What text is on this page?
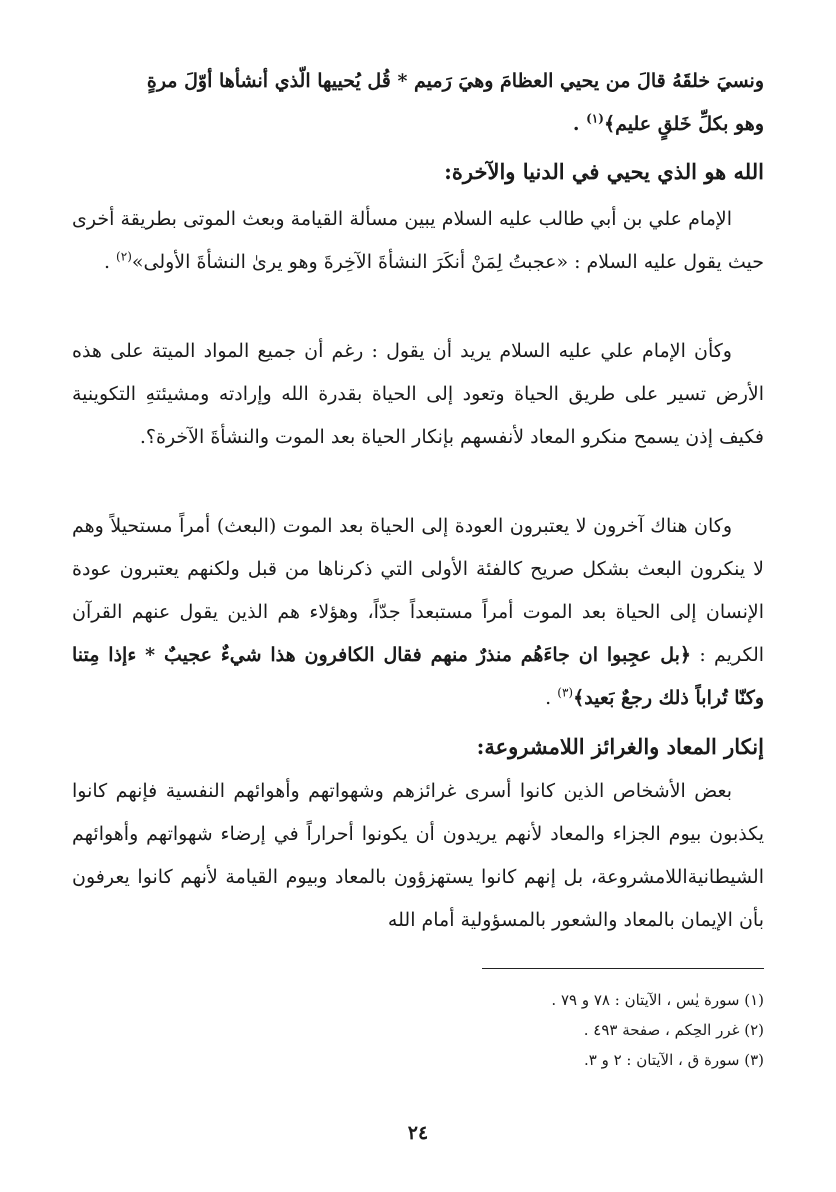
ونسيَ خلقَهُ قالَ من يحيي العظامَ وهيَ رَميم * قُل يُحييها الّذي أنشأها أوّلَ مرةٍ
وهو بكلِّ خَلقٍ عليم﴾$^{(١)}$ .
الله هو الذي يحيي في الدنيا والآخرة:

الإمام علي بن أبي طالب عليه السلام يبين مسألة القيامة وبعث الموتى بطريقة أخرى حيث يقول عليه السلام : «عجبتُ لِمَنْ أنكَرَ النشأةَ الآخِرةَ وهو يرىٰ النشأةَ الأولى»$^{(٢)}$ .

وكأن الإمام علي عليه السلام يريد أن يقول : رغم أن جميع المواد الميتة على هذه الأرض تسير على طريق الحياة وتعود إلى الحياة بقدرة الله وإرادته ومشيئتهِ التكوينية فكيف إذن يسمح منكرو المعاد لأنفسهم بإنكار الحياة بعد الموت والنشأةَ الآخرة؟.

وكان هناك آخرون لا يعتبرون العودة إلى الحياة بعد الموت (البعث) أمراً مستحيلاً وهم لا ينكرون البعث بشكل صريح كالفئة الأولى التي ذكرناها من قبل ولكنهم يعتبرون عودة الإنسان إلى الحياة بعد الموت أمراً مستبعداً جدّاً، وهؤلاء هم الذين يقول عنهم القرآن الكريم : ﴿بل عجِبوا ان جاءَهُم منذرٌ منهم فقال الكافرون هذا شيءٌ عجيبٌ * ءإذا مِتنا وكنّا تُراباً ذلك رجعٌ بَعيد﴾$^{(٣)}$ .

إنكار المعاد والغرائز اللامشروعة:

بعض الأشخاص الذين كانوا أسرى غرائزهم وشهواتهم وأهوائهم النفسية فإنهم كانوا يكذبون بيوم الجزاء والمعاد لأنهم يريدون أن يكونوا أحراراً في إرضاء شهواتهم وأهوائهم الشيطانيةاللامشروعة، بل إنهم كانوا يستهزؤون بالمعاد وبيوم القيامة لأنهم كانوا يعرفون بأن الإيمان بالمعاد والشعور بالمسؤولية أمام الله

(١) سورة يٰس ، الآيتان : ٧٨ و ٧٩ .
(٢) غرر الحِكم ، صفحة ٤٩٣ .
(٣) سورة ق ، الآيتان : ٢ و ٣.
٢٤
